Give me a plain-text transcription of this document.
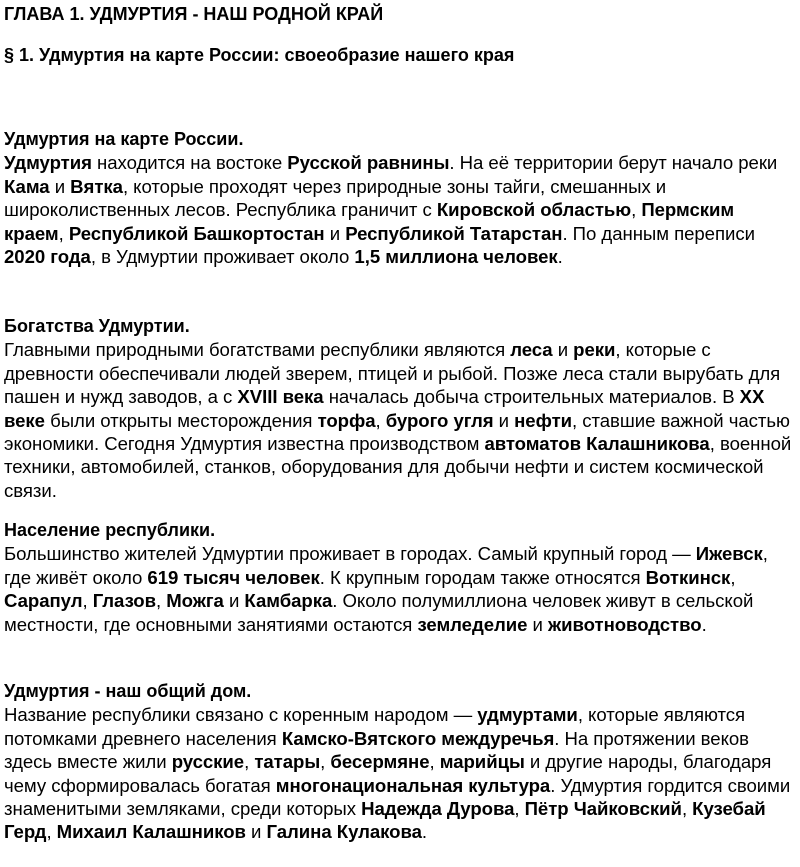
ГЛАВА 1. УДМУРТИЯ - НАШ РОДНОЙ КРАЙ
§ 1. Удмуртия на карте России: своеобразие нашего края
Удмуртия на карте России.

Удмуртия находится на востоке Русской равнины. На её территории берут начало реки Кама и Вятка, которые проходят через природные зоны тайги, смешанных и широколиственных лесов. Республика граничит с Кировской областью, Пермским краем, Республикой Башкортостан и Республикой Татарстан. По данным переписи 2020 года, в Удмуртии проживает около 1,5 миллиона человек.

Богатства Удмуртии.

Главными природными богатствами республики являются леса и реки, которые с древности обеспечивали людей зверем, птицей и рыбой. Позже леса стали вырубать для пашен и нужд заводов, а с XVIII века началась добыча строительных материалов. В XX веке были открыты месторождения торфа, бурого угля и нефти, ставшие важной частью экономики. Сегодня Удмуртия известна производством автоматов Калашникова, военной техники, автомобилей, станков, оборудования для добычи нефти и систем космической связи.

Население республики.

Большинство жителей Удмуртии проживает в городах. Самый крупный город — Ижевск, где живёт около 619 тысяч человек. К крупным городам также относятся Воткинск, Сарапул, Глазов, Можга и Камбарка. Около полумиллиона человек живут в сельской местности, где основными занятиями остаются земледелие и животноводство.

Удмуртия - наш общий дом.

Название республики связано с коренным народом — удмуртами, которые являются потомками древнего населения Камско-Вятского междуречья. На протяжении веков здесь вместе жили русские, татары, бесермяне, марийцы и другие народы, благодаря чему сформировалась богатая многонациональная культура. Удмуртия гордится своими знаменитыми земляками, среди которых Надежда Дурова, Пётр Чайковский, Кузебай Герд, Михаил Калашников и Галина Кулакова.
